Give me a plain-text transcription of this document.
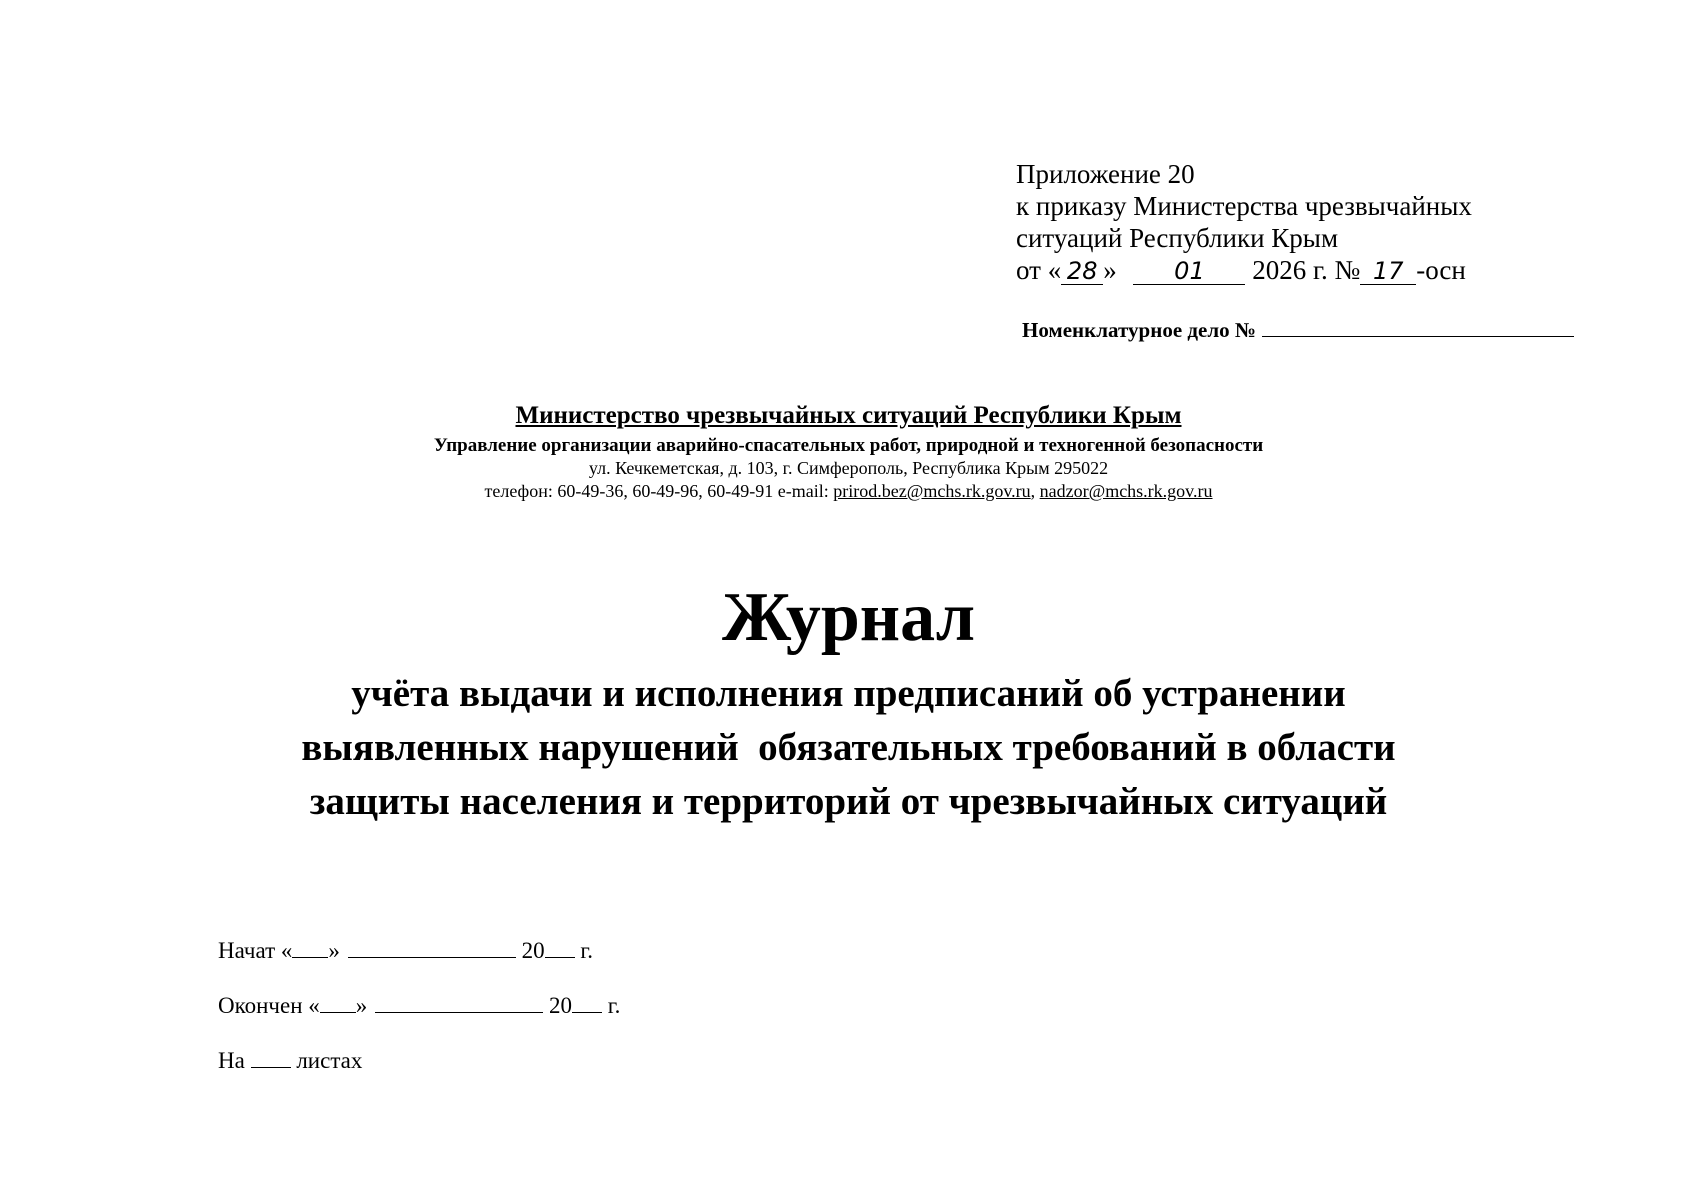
Приложение 20
к приказу Министерства чрезвычайных
ситуаций Республики Крым
от « 28 » 01 2026 г. № 17 -осн
Номенклатурное дело №
Министерство чрезвычайных ситуаций Республики Крым
Управление организации аварийно-спасательных работ, природной и техногенной безопасности
ул. Кечкеметская, д. 103, г. Симферополь, Республика Крым 295022
телефон: 60-49-36, 60-49-96, 60-49-91 e-mail: prirod.bez@mchs.rk.gov.ru, nadzor@mchs.rk.gov.ru
Журнал
учёта выдачи и исполнения предписаний об устранении
выявленных нарушений  обязательных требований в области
защиты населения и территорий от чрезвычайных ситуаций
Начат « »	20 г.
Окончен « »	20 г.
На листах
